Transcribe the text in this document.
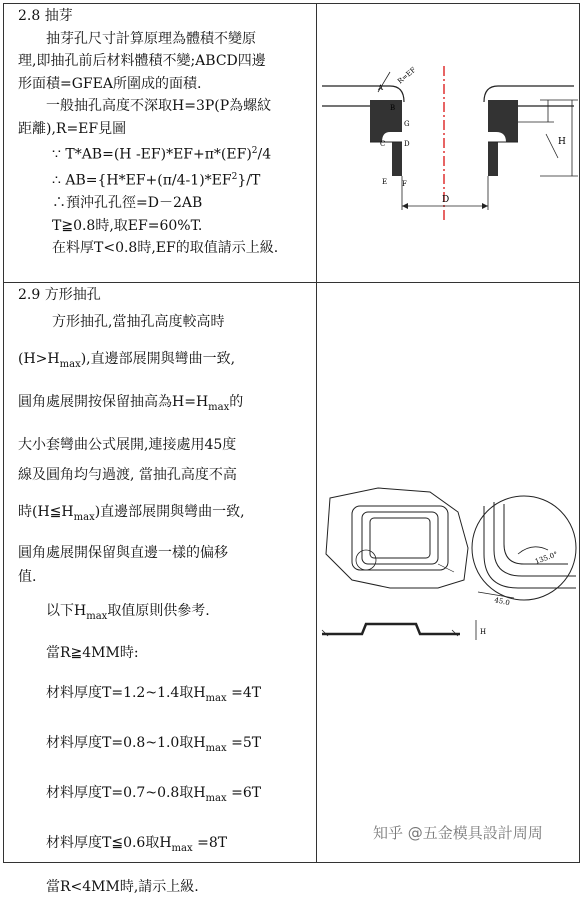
2.8 抽芽

抽芽孔尺寸計算原理為體積不變原

理,即抽孔前后材料體積不變;ABCD四邊

形面積=GFEA所圍成的面積.

一般抽孔高度不深取H=3P(P為螺紋

距離),R=EF見圖

∵ T*AB=(H -EF)*EF+π*(EF)$^2$/4

∴ $AB=\{H*EF+(\pi/4-1)*EF^2\}/T$

∴預沖孔孔徑=D－2AB

T≧0.8時,取EF=60%T.

在料厚T<0.8時,EF的取值請示上級.

A
R=EF
B
G
C	D
E F
H
D

2.9 方形抽孔

方形抽孔,當抽孔高度較高時

$(H>H_{max})$,直邊部展開與彎曲一致,

圓角處展開按保留抽高為$H=H_{max}$的

大小套彎曲公式展開,連接處用45度

線及圓角均勻過渡, 當抽孔高度不高

時$(H≦H_{max})$直邊部展開與彎曲一致,

圓角處展開保留與直邊一樣的偏移

值.

以下$H_{max}$取值原則供參考.

當R≧4MM時:

材料厚度T=1.2~1.4取$H_{max} =4T$

材料厚度T=0.8~1.0取$H_{max} =5T$

材料厚度T=0.7~0.8取$H_{max} =6T$

材料厚度T≦0.6取$H_{max} =8T$

當R<4MM時,請示上級.

135.0°
45.0
H
知乎 @五金模具設計周周
